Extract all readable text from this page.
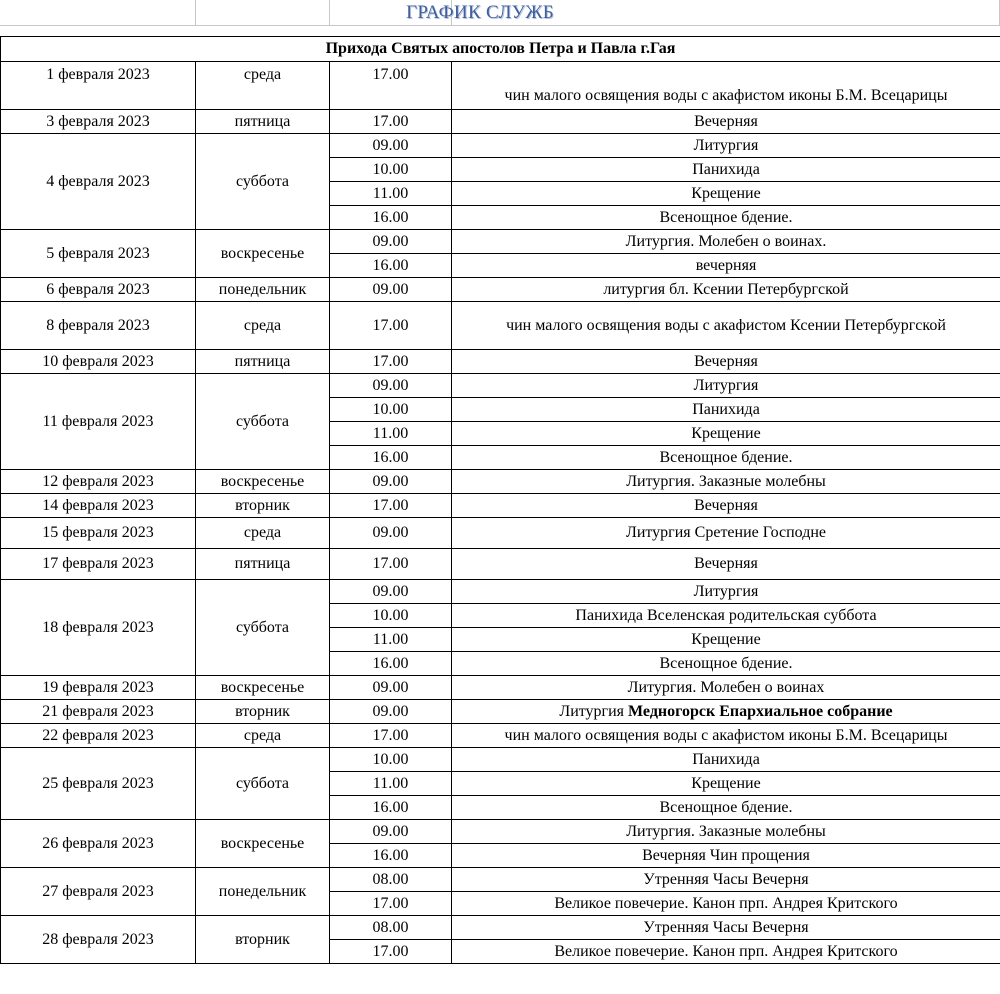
ГРАФИК СЛУЖБ
Прихода Святых апостолов Петра и Павла г.Гая			
1 февраля 2023	среда	17.00	чин малого освящения воды с акафистом иконы Б.М. Всецарицы
3 февраля 2023	пятница	17.00	Вечерняя
4 февраля 2023	суббота	09.00	Литургия
		10.00	Панихида
		11.00	Крещение
		16.00	Всенощное бдение.
5 февраля 2023	воскресенье	09.00	Литургия. Молебен о воинах.
		16.00	вечерняя
6 февраля 2023	понедельник	09.00	литургия бл. Ксении Петербургской
8 февраля 2023	среда	17.00	чин малого освящения воды с акафистом Ксении Петербургской
10 февраля 2023	пятница	17.00	Вечерняя
11 февраля 2023	суббота	09.00	Литургия
		10.00	Панихида
		11.00	Крещение
		16.00	Всенощное бдение.
12 февраля 2023	воскресенье	09.00	Литургия. Заказные молебны
14 февраля 2023	вторник	17.00	Вечерняя
15 февраля 2023	среда	09.00	Литургия Сретение Господне
17 февраля 2023	пятница	17.00	Вечерняя
18 февраля 2023	суббота	09.00	Литургия
		10.00	Панихида Вселенская родительская суббота
		11.00	Крещение
		16.00	Всенощное бдение.
19 февраля 2023	воскресенье	09.00	Литургия. Молебен о воинах
21 февраля 2023	вторник	09.00	Литургия Медногорск Епархиальное собрание
22 февраля 2023	среда	17.00	чин малого освящения воды с акафистом иконы Б.М. Всецарицы
25 февраля 2023	суббота	10.00	Панихида
		11.00	Крещение
		16.00	Всенощное бдение.
26 февраля 2023	воскресенье	09.00	Литургия. Заказные молебны
		16.00	Вечерняя Чин прощения
27 февраля 2023	понедельник	08.00	Утренняя Часы Вечерня
		17.00	Великое повечерие. Канон прп. Андрея Критского
28 февраля 2023	вторник	08.00	Утренняя Часы Вечерня
		17.00	Великое повечерие. Канон прп. Андрея Критского
